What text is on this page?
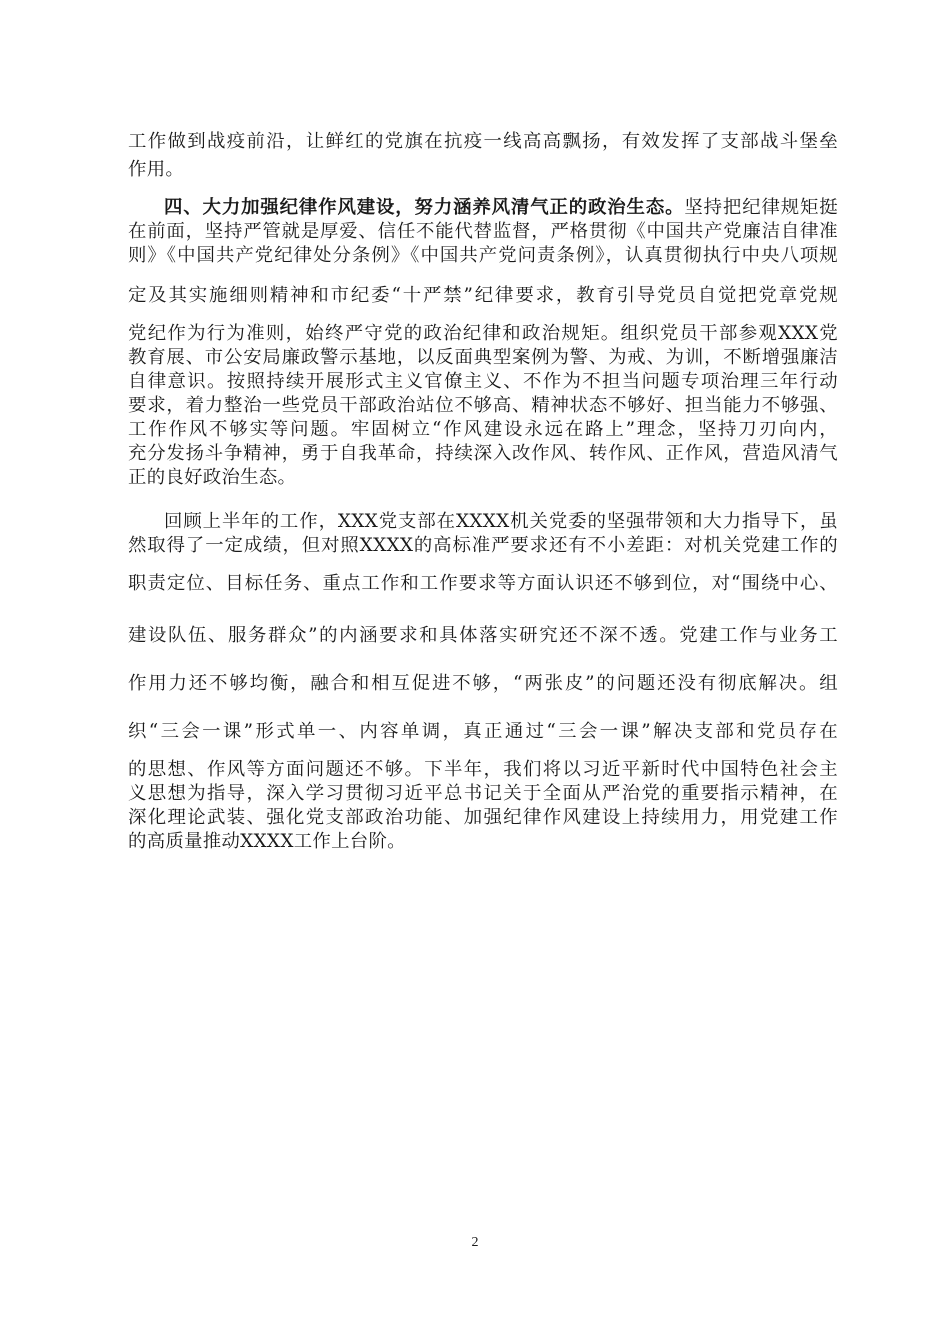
工作做到战疫前沿，让鲜红的党旗在抗疫一线高高飘扬，有效发挥了支部战斗堡垒
作用。
四、大力加强纪律作风建设，努力涵养风清气正的政治生态。坚持把纪律规矩挺
在前面，坚持严管就是厚爱、信任不能代替监督，严格贯彻《中国共产党廉洁自律准
则》《中国共产党纪律处分条例》《中国共产党问责条例》，认真贯彻执行中央八项规
定及其实施细则精神和市纪委“十严禁”纪律要求，教育引导党员自觉把党章党规
党纪作为行为准则，始终严守党的政治纪律和政治规矩。组织党员干部参观XXX党
教育展、市公安局廉政警示基地，以反面典型案例为警、为戒、为训，不断增强廉洁
自律意识。按照持续开展形式主义官僚主义、不作为不担当问题专项治理三年行动
要求，着力整治一些党员干部政治站位不够高、精神状态不够好、担当能力不够强、
工作作风不够实等问题。牢固树立“作风建设永远在路上”理念，坚持刀刃向内，
充分发扬斗争精神，勇于自我革命，持续深入改作风、转作风、正作风，营造风清气
正的良好政治生态。
回顾上半年的工作，XXX党支部在XXXX机关党委的坚强带领和大力指导下，虽
然取得了一定成绩，但对照XXXX的高标准严要求还有不小差距：对机关党建工作的
职责定位、目标任务、重点工作和工作要求等方面认识还不够到位，对“围绕中心、
建设队伍、服务群众”的内涵要求和具体落实研究还不深不透。党建工作与业务工
作用力还不够均衡，融合和相互促进不够，“两张皮”的问题还没有彻底解决。组
织“三会一课”形式单一、内容单调，真正通过“三会一课”解决支部和党员存在
的思想、作风等方面问题还不够。下半年，我们将以习近平新时代中国特色社会主
义思想为指导，深入学习贯彻习近平总书记关于全面从严治党的重要指示精神，在
深化理论武装、强化党支部政治功能、加强纪律作风建设上持续用力，用党建工作
的高质量推动XXXX工作上台阶。
2
